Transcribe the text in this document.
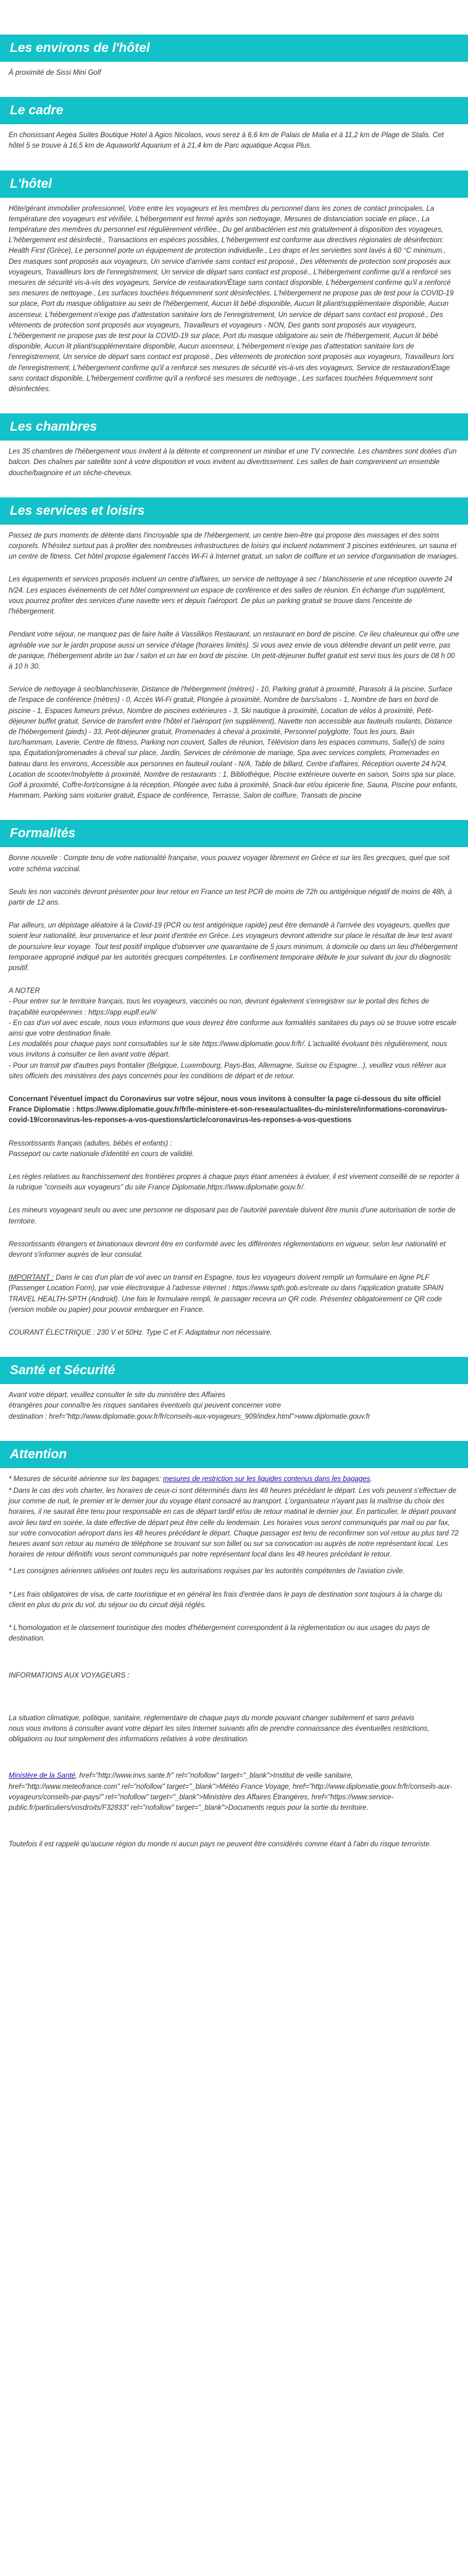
Les environs de l'hôtel

À proximité de Sissi Mini Golf

Le cadre

En choisissant Aegea Suites Boutique Hotel à Agios Nicolaos, vous serez à 6,6 km de Palais de Malia et à 11,2 km de Plage de Stalis. Cet hôtel 5 se trouve à 16,5 km de Aquaworld Aquarium et à 21,4 km de Parc aquatique Acqua Plus.

L'hôtel

Hôte/gérant immobilier professionnel, Votre entre les voyageurs et les membres du personnel dans les zones de contact principales, La température des voyageurs est vérifiée, L'hébergement est fermé après son nettoyage, Mesures de distanciation sociale en place., La température des membres du personnel est régulièrement vérifiée., Du gel antibactérien est mis gratuitement à disposition des voyageurs, L'hébergement est désinfecté., Transactions en espèces possibles, L'hébergement est conforme aux directives régionales de désinfection: Health First (Grèce), Le personnel porte un équipement de protection individuelle., Les draps et les serviettes sont lavés à 60 °C minimum., Des masques sont proposés aux voyageurs, Un service d'arrivée sans contact est proposé., Des vêtements de protection sont proposés aux voyageurs, Travailleurs lors de l'enregistrement, Un service de départ sans contact est proposé., L'hébergement confirme qu'il a renforcé ses mesures de sécurité vis-à-vis des voyageurs, Service de restauration/Étage sans contact disponible, L'hébergement confirme qu'il a renforcé ses mesures de nettoyage., Les surfaces touchées fréquemment sont désinfectées. L'hébergement ne propose pas de test pour la COVID-19 sur place, Port du masque obligatoire au sein de l'hébergement, Aucun lit bébé disponible, Aucun lit pliant/supplémentaire disponible, Aucun ascenseur, L'hébergement n'exige pas d'attestation sanitaire lors de l'enregistrement, Un service de départ sans contact est proposé., Des vêtements de protection sont proposés aux voyageurs, Travailleurs et voyageurs - NON, Des gants sont proposés aux voyageurs, L'hébergement ne propose pas de test pour la COVID-19 sur place, Port du masque obligatoire au sein de l'hébergement, Aucun lit bébé disponible, Aucun lit pliant/supplémentaire disponible, Aucun ascenseur, L'hébergement n'exige pas d'attestation sanitaire lors de l'enregistrement, Un service de départ sans contact est proposé., Des vêtements de protection sont proposés aux voyageurs, Travailleurs lors de l'enregistrement, L'hébergement confirme qu'il a renforcé ses mesures de sécurité vis-à-vis des voyageurs, Service de restauration/Étage sans contact disponible, L'hébergement confirme qu'il a renforcé ses mesures de nettoyage., Les surfaces touchées fréquemment sont désinfectées.

Les chambres

Les 35 chambres de l'hébergement vous invitent à la détente et comprennent un minibar et une TV connectée. Les chambres sont dotées d'un balcon. Des chaînes par satellite sont à votre disposition et vous invitent au divertissement. Les salles de bain comprennent un ensemble douche/baignoire et un sèche-cheveux.

Les services et loisirs

Passez de purs moments de détente dans l'incroyable spa de l'hébergement, un centre bien-être qui propose des massages et des soins corporels. N'hésitez surtout pas à profiter des nombreuses infrastructures de loisirs qui incluent notamment 3 piscines extérieures, un sauna et un centre de fitness. Cet hôtel propose également l'accès Wi-Fi à Internet gratuit, un salon de coiffure et un service d'organisation de mariages.

Les équipements et services proposés incluent un centre d'affaires, un service de nettoyage à sec / blanchisserie et une réception ouverte 24 h/24. Les espaces événements de cet hôtel comprennent un espace de conférence et des salles de réunion. En échange d'un supplément, vous pourrez profiter des services d'une navette vers et depuis l'aéroport. De plus un parking gratuit se trouve dans l'enceinte de l'hébergement.

Pendant votre séjour, ne manquez pas de faire halte à Vassilikos Restaurant, un restaurant en bord de piscine. Ce lieu chaleureux qui offre une agréable vue sur le jardin propose aussi un service d'étage (horaires limités). Si vous avez envie de vous détendre devant un petit verre, pas de panique, l'hébergement abrite un bar / salon et un bar en bord de piscine. Un petit-déjeuner buffet gratuit est servi tous les jours de 08 h 00 à 10 h 30.

Service de nettoyage à sec/blanchisserie, Distance de l'hébergement (mètres) - 10, Parking gratuit à proximité, Parasols à la piscine, Surface de l'espace de conférence (mètres) - 0, Accès Wi-Fi gratuit, Plongée à proximité, Nombre de bars/salons - 1, Nombre de bars en bord de piscine - 1, Espaces fumeurs prévus, Nombre de piscines extérieures - 3, Ski nautique à proximité, Location de vélos à proximité, Petit-déjeuner buffet gratuit, Service de transfert entre l'hôtel et l'aéroport (en supplément), Navette non accessible aux fauteuils roulants, Distance de l'hébergement (pieds) - 33, Petit-déjeuner gratuit, Promenades à cheval à proximité, Personnel polyglotte, Tous les jours, Bain turc/hammam, Laverie, Centre de fitness, Parking non couvert, Salles de réunion, Télévision dans les espaces communs, Salle(s) de soins spa, Équitation/promenades à cheval sur place, Jardin, Services de cérémonie de mariage, Spa avec services complets, Promenades en bateau dans les environs, Accessible aux personnes en fauteuil roulant - N/A, Table de billard, Centre d'affaires, Réception ouverte 24 h/24, Location de scooter/mobylette à proximité, Nombre de restaurants : 1, Bibliothèque, Piscine extérieure ouverte en saison, Soins spa sur place, Golf à proximité, Coffre-fort/consigne à la réception, Plongée avec tuba à proximité, Snack-bar et/ou épicerie fine, Sauna, Piscine pour enfants, Hammam, Parking sans voiturier gratuit, Espace de conférence, Terrasse, Salon de coiffure, Transats de piscine

Formalités

Bonne nouvelle : Compte tenu de votre nationalité française, vous pouvez voyager librement en Grèce et sur les îles grecques, quel que soit votre schéma vaccinal.

Seuls les non vaccinés devront présenter pour leur retour en France un test PCR de moins de 72h ou antigénique négatif de moins de 48h, à partir de 12 ans.

Par ailleurs, un dépistage aléatoire à la Covid-19 (PCR ou test antigénique rapide) peut être demandé à l'arrivée des voyageurs, quelles que soient leur nationalité, leur provenance et leur point d'entrée en Grèce. Les voyageurs devront attendre sur place le résultat de leur test avant de poursuivre leur voyage. Tout test positif implique d'observer une quarantaine de 5 jours minimum, à domicile ou dans un lieu d'hébergement temporaire approprié indiqué par les autorités grecques compétentes. Le confinement temporaire débute le jour suivant du jour du diagnostic positif.

A NOTER
- Pour entrer sur le territoire français, tous les voyageurs, vaccinés ou non, devront également s'enregistrer sur le portail des fiches de traçabilité européennes : https://app.euplf.eu/#/
- En cas d'un vol avec escale, nous vous informons que vous devrez être conforme aux formalités sanitaires du pays où se trouve votre escale ainsi que votre destination finale.
Les modalités pour chaque pays sont consultables sur le site https://www.diplomatie.gouv.fr/fr/. L'actualité évoluant très régulièrement, nous vous invitons à consulter ce lien avant votre départ.
- Pour un transit par d'autres pays frontalier (Belgique, Luxembourg, Pays-Bas, Allemagne, Suisse ou Espagne...), veuillez vous référer aux sites officiels des ministères des pays concernés pour les conditions de départ et de retour.

Concernant l'éventuel impact du Coronavirus sur votre séjour, nous vous invitons à consulter la page ci-dessous du site officiel France Diplomatie : https://www.diplomatie.gouv.fr/fr/le-ministere-et-son-reseau/actualites-du-ministere/informations-coronavirus-covid-19/coronavirus-les-reponses-a-vos-questions/article/coronavirus-les-reponses-a-vos-questions

Ressortissants français (adultes, bébés et enfants) :
Passeport ou carte nationale d'identité en cours de validité.

Les règles relatives au franchissement des frontières propres à chaque pays étant amenées à évoluer, il est vivement conseillé de se reporter à la rubrique "conseils aux voyageurs" du site France Diplomatie,https://www.diplomatie.gouv.fr/.

Les mineurs voyageant seuls ou avec une personne ne disposant pas de l'autorité parentale doivent être munis d'une autorisation de sortie de territoire.

Ressortissants étrangers et binationaux devront être en conformité avec les différentes réglementations en vigueur, selon leur nationalité et devront s'informer auprès de leur consulat.

IMPORTANT : Dans le cas d'un plan de vol avec un transit en Espagne, tous les voyageurs doivent remplir un formulaire en ligne PLF (Passenger Location Form), par voie électronique à l'adresse internet : https://www.spth.gob.es/create ou dans l'application gratuite SPAIN TRAVEL HEALTH-SPTH (Android). Une fois le formulaire rempli, le passager recevra un QR code. Présentez obligatoirement ce QR code (version mobile ou papier) pour pouvoir embarquer en France.

COURANT ÉLECTRIQUE : 230 V et 50Hz. Type C et F. Adaptateur non nécessaire.

Santé et Sécurité
Avant votre départ, veuillez consulter le site du ministère des Affaires
étrangères pour connaître les risques sanitaires éventuels qui peuvent concerner votre
destination : href="http://www.diplomatie.gouv.fr/fr/conseils-aux-voyageurs_909/index.html">www.diplomatie.gouv.fr
Attention

* Mesures de sécurité aérienne sur les bagages: mesures de restriction sur les liquides contenus dans les bagages.

* Dans le cas des vols charter, les horaires de ceux-ci sont déterminés dans les 48 heures précédant le départ. Les vols peuvent s'effectuer de jour comme de nuit, le premier et le dernier jour du voyage étant consacré au transport. L'organisateur n'ayant pas la maîtrise du choix des horaires, il ne saurait être tenu pour responsable en cas de départ tardif et/ou de retour matinal le dernier jour. En particulier, le départ pouvant avoir lieu tard en soirée, la date effective de départ peut être celle du lendemain. Les horaires vous seront communiqués par mail ou par fax, sur votre convocation aéroport dans les 48 heures précédant le départ. Chaque passager est tenu de reconfirmer son vol retour au plus tard 72 heures avant son retour au numéro de téléphone se trouvant sur son billet ou sur sa convocation ou auprès de notre représentant local. Les horaires de retour définitifs vous seront communiqués par notre représentant local dans les 48 heures précédant le retour.

* Les consignes aériennes utilisées ont toutes reçu les autorisations requises par les autorités compétentes de l'aviation civile.

* Les frais obligatoires de visa, de carte touristique et en général les frais d'entrée dans le pays de destination sont toujours à la charge du client en plus du prix du vol, du séjour ou du circuit déjà réglés.

* L'homologation et le classement touristique des modes d'hébergement correspondent à la réglementation ou aux usages du pays de destination.

INFORMATIONS AUX VOYAGEURS :

La situation climatique, politique, sanitaire, réglementaire de chaque pays du monde pouvant changer subitement et sans préavis
nous vous invitons à consulter avant votre départ les sites Internet suivants afin de prendre connaissance des éventuelles restrictions, obligations ou tout simplement des informations relatives à votre destination.

Ministère de la Santé, href="http://www.invs.sante.fr" rel="nofollow" target="_blank">Institut de veille sanitaire, href="http://www.meteofrance.com" rel="nofollow" target="_blank">Météo France Voyage, href="http://www.diplomatie.gouv.fr/fr/conseils-aux-voyageurs/conseils-par-pays/" rel="nofollow" target="_blank">Ministère des Affaires Étrangères, href="https://www.service-public.fr/particuliers/vosdroits/F32833" rel="nofollow" target="_blank">Documents requis pour la sortie du territoire.

Toutefois il est rappelé qu'aucune région du monde ni aucun pays ne peuvent être considérés comme étant à l'abri du risque terroriste.
